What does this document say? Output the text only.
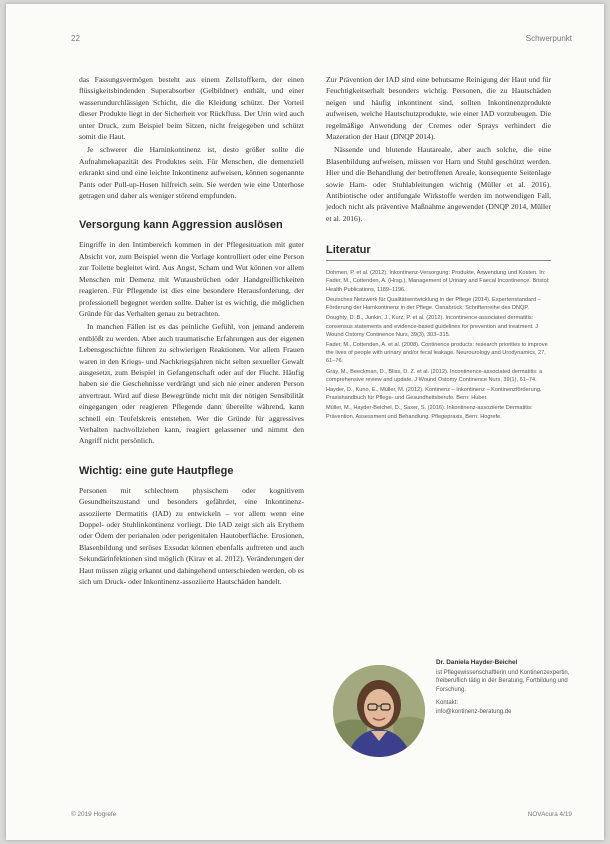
22	Schwerpunkt

das Fassungsvermögen besteht aus einem Zellstoffkern, der einen flüssigkeitsbindenden Superabsorber (Gelbildner) enthält, und einer wasserundurchlässigen Schicht, die die Kleidung schützt. Der Vorteil dieser Produkte liegt in der Sicherheit vor Rückfluss. Der Urin wird auch unter Druck, zum Beispiel beim Sitzen, nicht freigegeben und schützt somit die Haut.

Je schwerer die Harninkontinenz ist, desto größer sollte die Aufnahmekapazität des Produktes sein. Für Menschen, die demenziell erkrankt sind und eine leichte Inkontinenz aufweisen, können sogenannte Pants oder Pull-up-Hosen hilfreich sein. Sie werden wie eine Unterhose getragen und daher als weniger störend empfunden.

Versorgung kann Aggression auslösen

Eingriffe in den Intimbereich kommen in der Pflegesituation mit guter Absicht vor, zum Beispiel wenn die Vorlage kontrolliert oder eine Person zur Toilette begleitet wird. Aus Angst, Scham und Wut können vor allem Menschen mit Demenz mit Wutausbrüchen oder Handgreiflichkeiten reagieren. Für Pflegende ist dies eine besondere Herausforderung, der professionell begegnet werden sollte. Daher ist es wichtig, die möglichen Gründe für das Verhalten genau zu betrachten.

In manchen Fällen ist es das peinliche Gefühl, von jemand anderem entblößt zu werden. Aber auch traumatische Erfahrungen aus der eigenen Lebensgeschichte führen zu schwierigen Reaktionen. Vor allem Frauen waren in den Kriegs- und Nachkriegsjahren nicht selten sexueller Gewalt ausgesetzt, zum Beispiel in Gefangenschaft oder auf der Flucht. Häufig haben sie die Geschehnisse verdrängt und sich nie einer anderen Person anvertraut. Wird auf diese Bewegründe nicht mit der nötigen Sensibilität eingegangen oder reagieren Pflegende dann übereilte während, kann schnell ein Teufelskreis entstehen. Wer die Gründe für aggressives Verhalten nachvollziehen kann, reagiert gelassener und nimmt den Angriff nicht persönlich.

Wichtig: eine gute Hautpflege

Personen mit schlechtem physischem oder kognitivem Gesundheitszustand und besonders gefährdet, eine Inkontinenz-assoziierte Dermatitis (IAD) zu entwickeln – vor allem wenn eine Doppel- oder Stuhlinkontinenz vorliegt. Die IAD zeigt sich als Erythem oder Ödem der perianalen oder perigenitalen Hautoberfläche. Erosionen, Blasenbildung und seröses Exsudat können ebenfalls auftreten und auch Sekundärinfektionen sind möglich (Kirav et al. 2012). Veränderungen der Haut müssen zügig erkannt und dahingehend unterschieden werden, ob es sich um Druck- oder Inkontinenz-assoziierte Hautschäden handelt.

Zur Prävention der IAD sind eine behutsame Reinigung der Haut und für Feuchtigkeitserhalt besonders wichtig. Personen, die zu Hautschäden neigen und häufig inkontinent sind, sollten Inkontinenzprodukte aufweisen, welche Hautschutzprodukte, wie einer IAD vorzubeugen. Die regelmäßige Anwendung der Cremes oder Sprays verhindert die Mazeration der Haut (DNQP 2014).

Nässende und blutende Hautareale, aber auch solche, die eine Blasenbildung aufweisen, müssen vor Harn und Stuhl geschützt werden. Hier und die Behandlung der betroffenen Areale, konsequente Seitenlage sowie Harn- oder Stuhlableitungen wichtig (Müller et al. 2016). Antibiotische oder antifungale Wirkstoffe werden im notwendigen Fall, jedoch nicht als präventive Maßnahme angewendet (DNQP 2014, Müller et al. 2016).

Literatur
Dohmen, P. et al. (2012). Inkontinenz-Versorgung: Produkte, Anwendung und Kosten. In: Fader, M., Cottenden, A. (Hrsg.), Management of Urinary and Faecal Incontinence. Bristol: Health Publications, 1189–1196.
Deutsches Netzwerk für Qualitätsentwicklung in der Pflege (2014). Expertenstandard – Förderung der Harnkontinenz in der Pflege. Osnabrück: Schriftenreihe des DNQP.
Doughty, D. B., Junkin, J., Kurz, P. et al. (2012). Incontinence-associated dermatitis: consensus statements and evidence-based guidelines for prevention and treatment. J Wound Ostomy Continence Nurs, 39(3), 303–315.
Fader, M., Cottenden, A. et al. (2008). Continence products: research priorities to improve the lives of people with urinary and/or fecal leakage. Neurourology and Urodynamics, 27, 61–76.
Gray, M., Beeckman, D., Bliss, D. Z. et al. (2012). Incontinence-associated dermatitis: a comprehensive review and update. J Wound Ostomy Continence Nurs, 39(1), 61–74.
Hayder, D., Kuno, E., Müller, M. (2012). Kontinenz – Inkontinenz – Kontinenzförderung. Praxishandbuch für Pflege- und Gesundheitsberufe. Bern: Huber.
Müller, M., Hayder-Beichel, D., Saxer, S. (2016). Inkontinenz-assoziierte Dermatitis: Prävention, Assessment und Behandlung. Pflegepraxis, Bern: Hogrefe.
Dr. Daniela Hayder-Beichel
ist Pflegewissenschaftlerin und Kontinenzexpertin, freiberuflich tätig in der Beratung, Fortbildung und Forschung.
Kontakt:
info@kontinenz-beratung.de
© 2019 Hogrefe	NOVAcura 4/19
